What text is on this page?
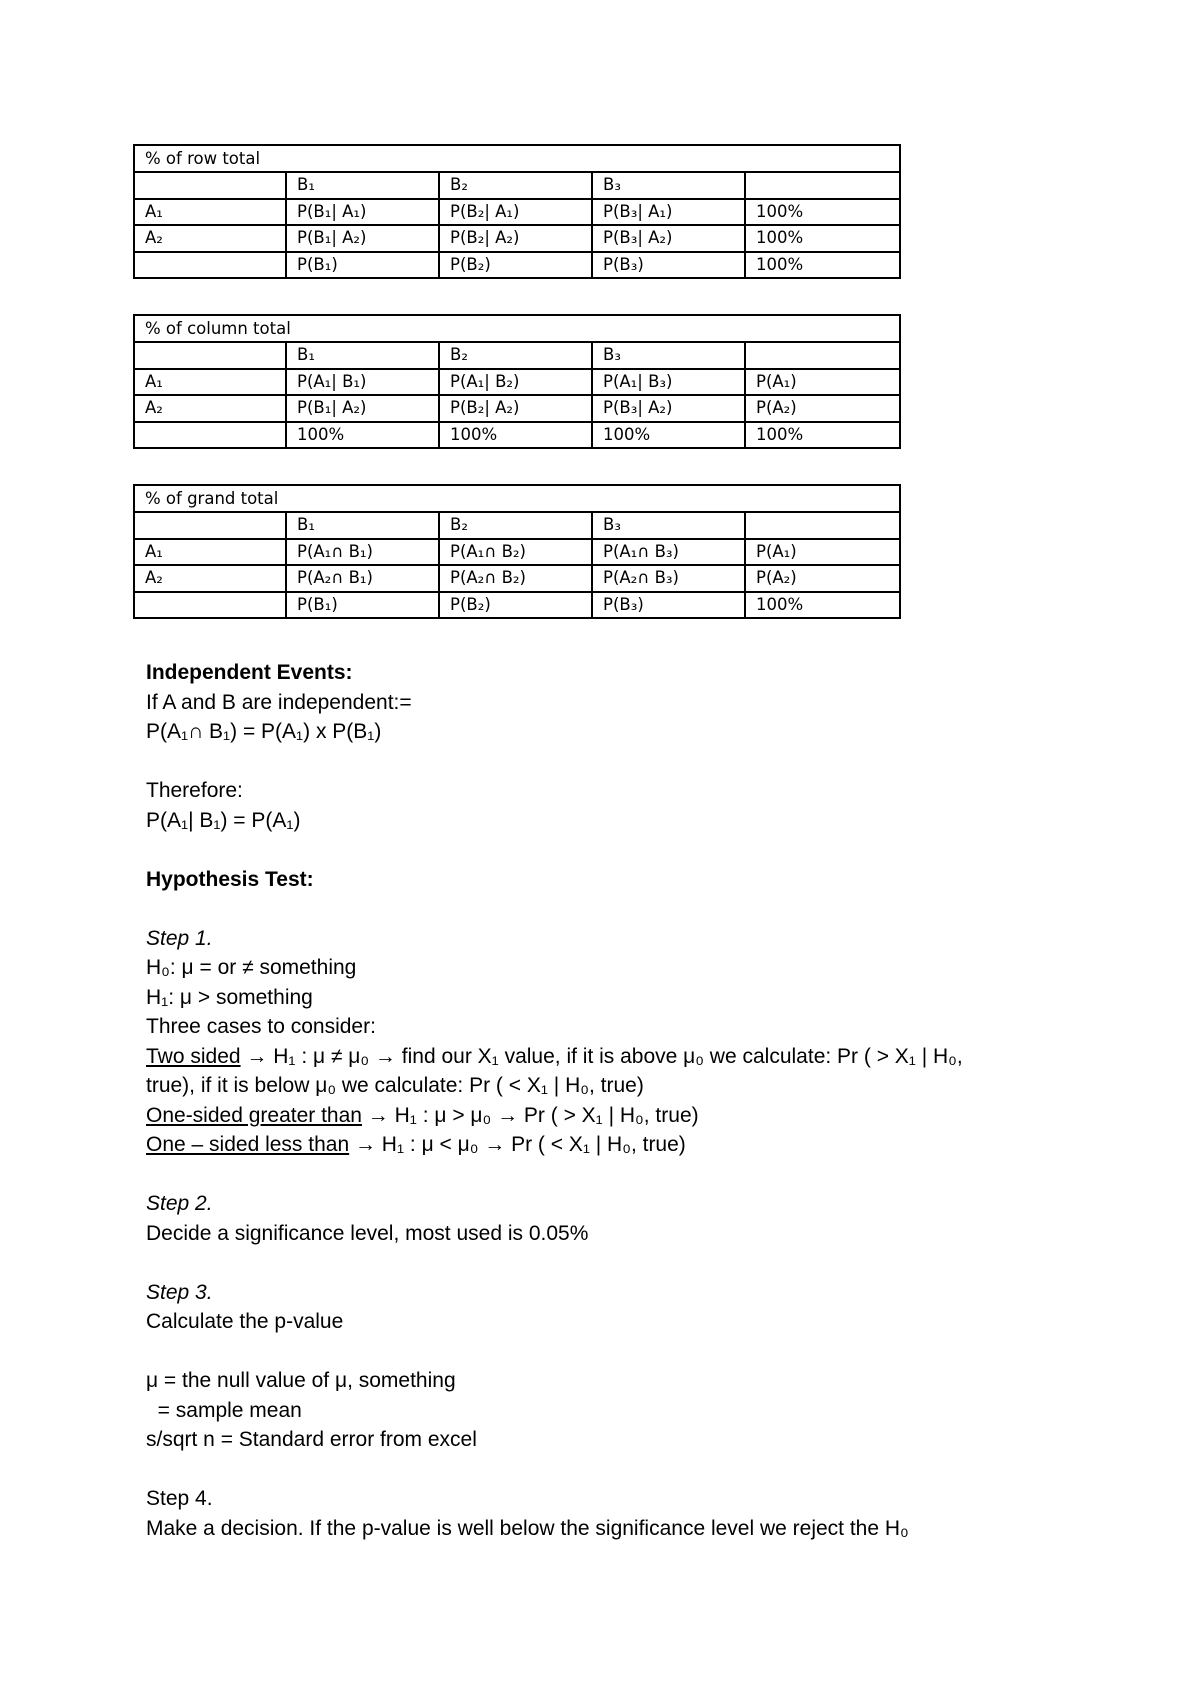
% of row total				
	B₁	B₂	B₃	
A₁	P(B₁| A₁)	P(B₂| A₁)	P(B₃| A₁)	100%
A₂	P(B₁| A₂)	P(B₂| A₂)	P(B₃| A₂)	100%
	P(B₁)	P(B₂)	P(B₃)	100%
% of column total				
	B₁	B₂	B₃	
A₁	P(A₁| B₁)	P(A₁| B₂)	P(A₁| B₃)	P(A₁)
A₂	P(B₁| A₂)	P(B₂| A₂)	P(B₃| A₂)	P(A₂)
	100%	100%	100%	100%
% of grand total				
	B₁	B₂	B₃	
A₁	P(A₁∩ B₁)	P(A₁∩ B₂)	P(A₁∩ B₃)	P(A₁)
A₂	P(A₂∩ B₁)	P(A₂∩ B₂)	P(A₂∩ B₃)	P(A₂)
	P(B₁)	P(B₂)	P(B₃)	100%
Independent Events:
If A and B are independent:=
P(A₁∩ B₁) = P(A₁) x P(B₁)
Therefore:
P(A₁| B₁) = P(A₁)
Hypothesis Test:
Step 1.
H₀: μ = or ≠ something
H₁: μ > something
Three cases to consider:
Two sided → H₁ : μ ≠ μ₀ → find our X₁ value, if it is above μ₀ we calculate: Pr ( > X₁ | H₀,
true), if it is below μ₀ we calculate: Pr ( < X₁ | H₀, true)
One-sided greater than → H₁ : μ > μ₀ → Pr ( > X₁ | H₀, true)
One – sided less than → H₁ : μ < μ₀ → Pr ( < X₁ | H₀, true)
Step 2.
Decide a significance level, most used is 0.05%
Step 3.
Calculate the p-value
μ = the null value of μ, something
= sample mean
s/sqrt n = Standard error from excel
Step 4.
Make a decision. If the p-value is well below the significance level we reject the H₀
